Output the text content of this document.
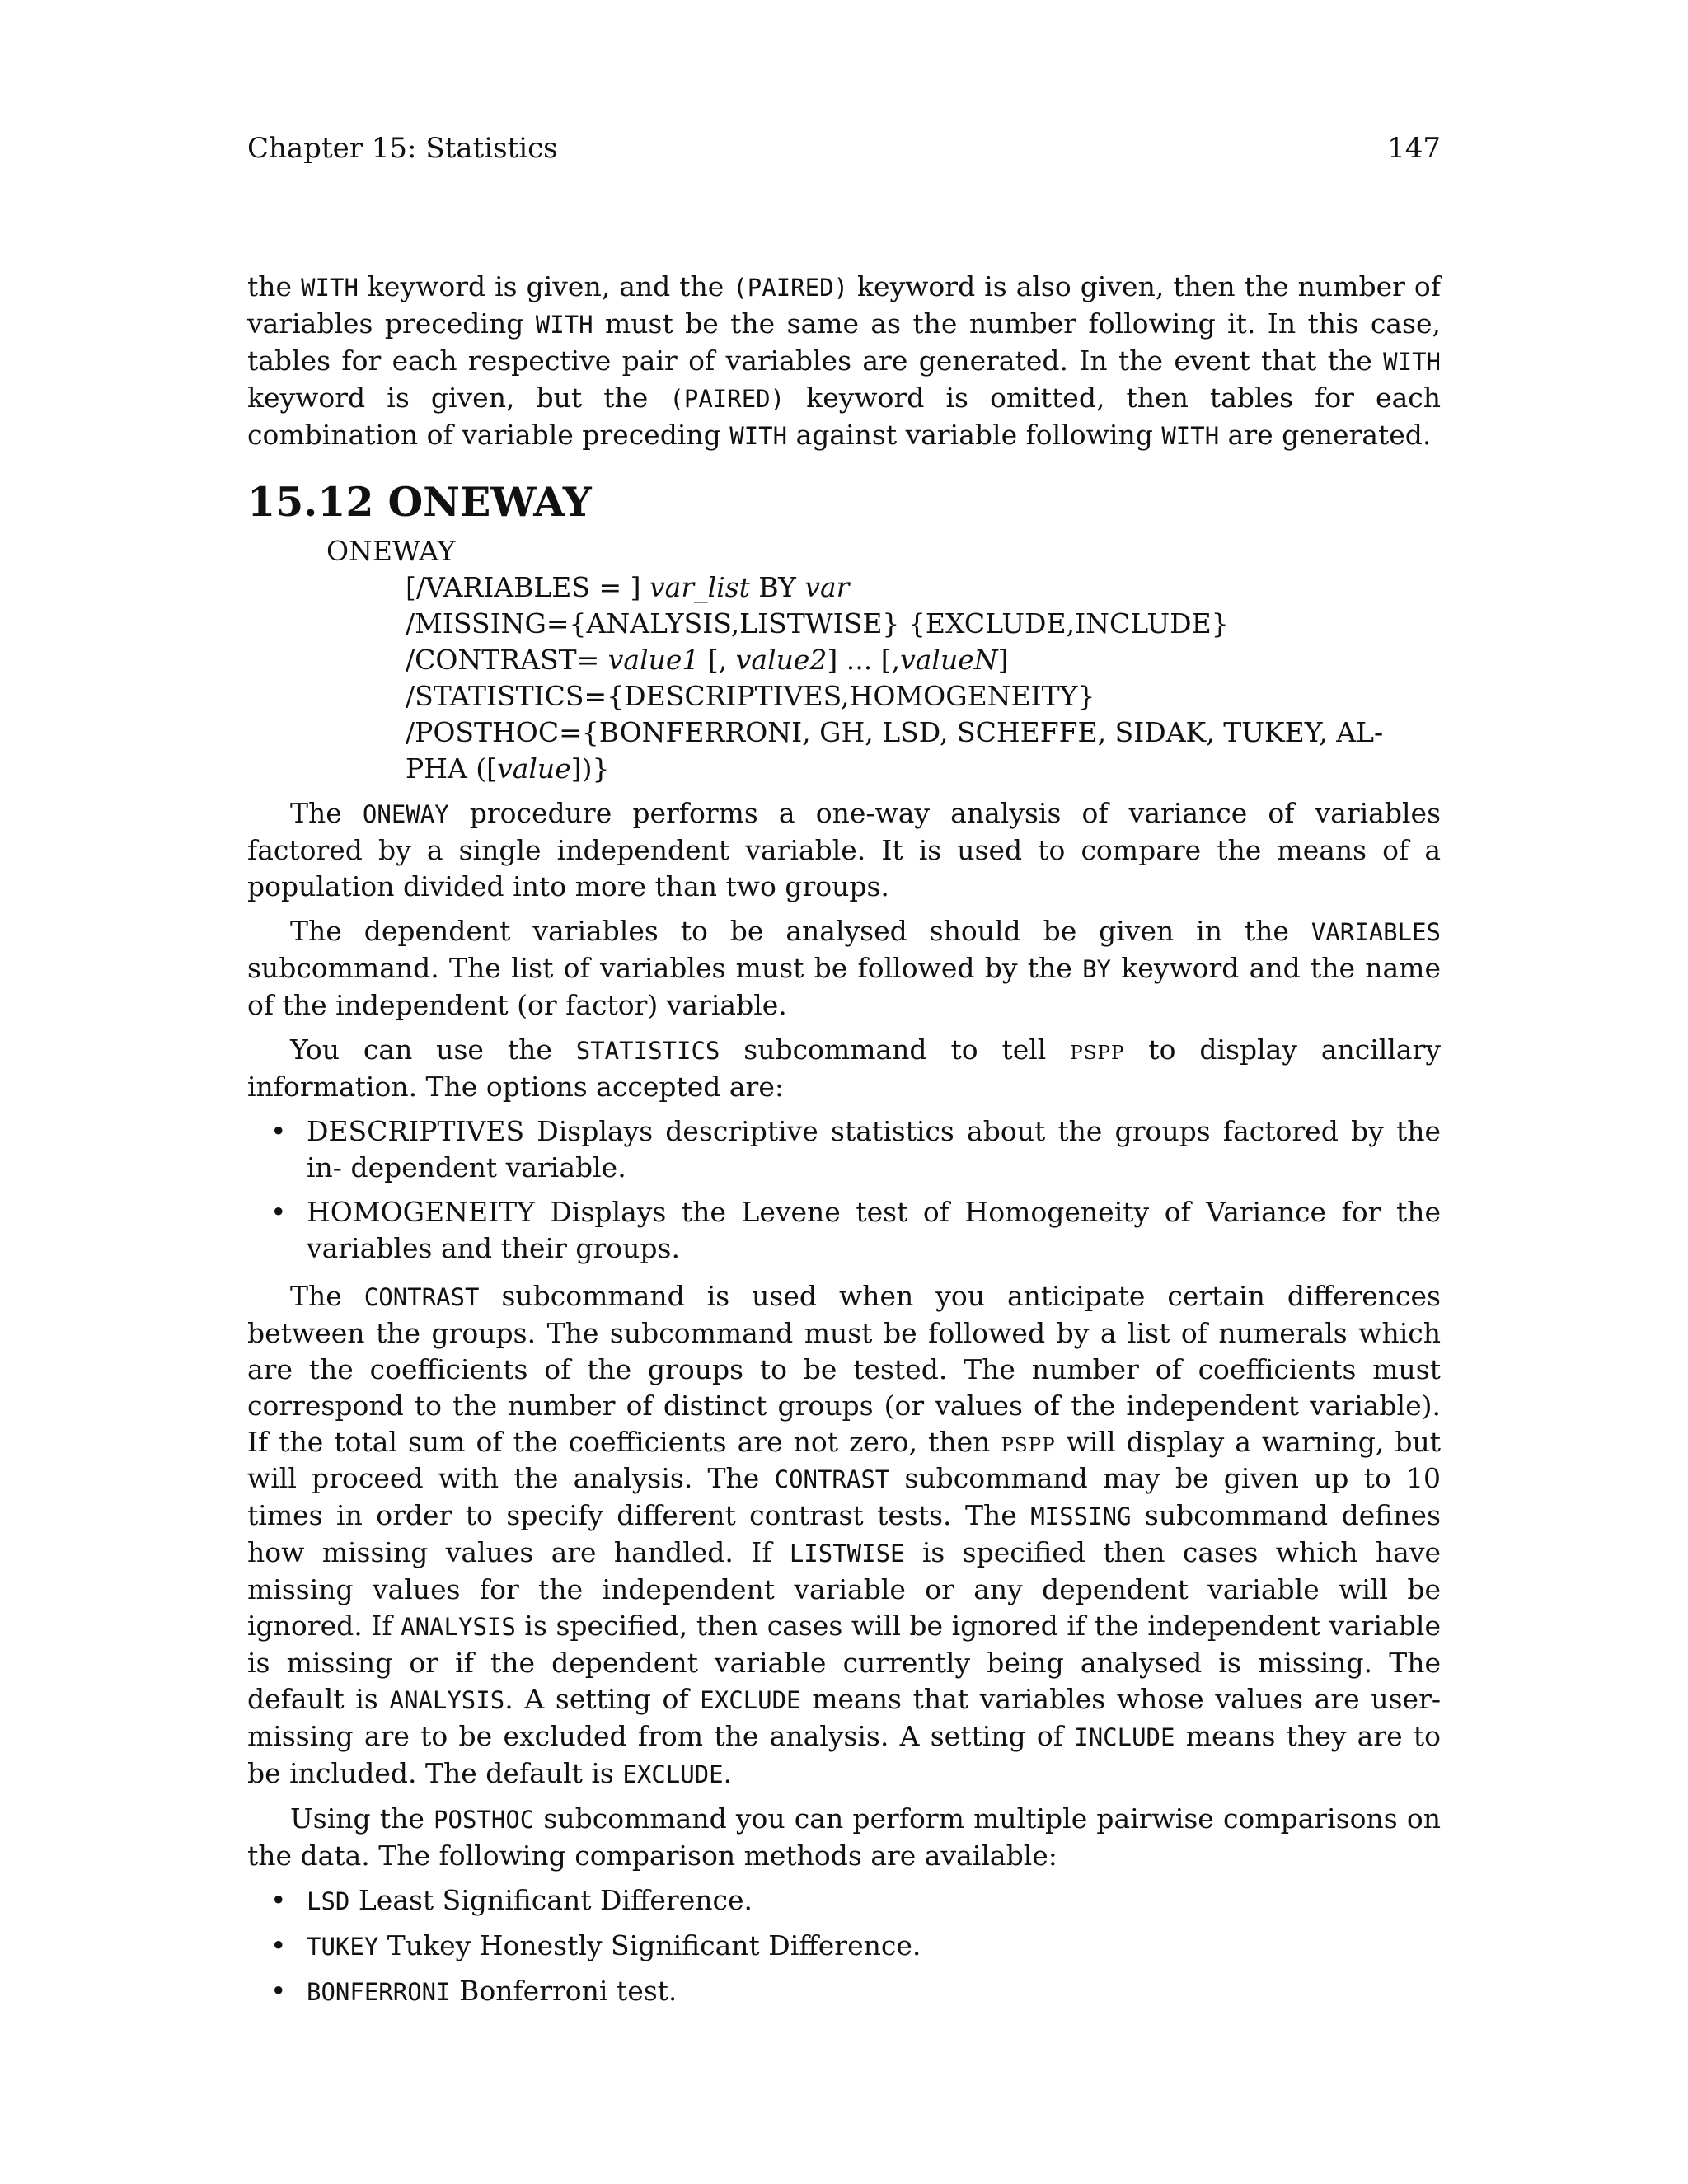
Chapter 15: Statistics	147

the WITH keyword is given, and the (PAIRED) keyword is also given, then the number of variables preceding WITH must be the same as the number following it. In this case, tables for each respective pair of variables are generated. In the event that the WITH keyword is given, but the (PAIRED) keyword is omitted, then tables for each combination of variable preceding WITH against variable following WITH are generated.

15.12 ONEWAY
ONEWAY
[/VARIABLES = ] var_list BY var
/MISSING={ANALYSIS,LISTWISE} {EXCLUDE,INCLUDE}
/CONTRAST= value1 [, value2] ... [,valueN]
/STATISTICS={DESCRIPTIVES,HOMOGENEITY}
/POSTHOC={BONFERRONI, GH, LSD, SCHEFFE, SIDAK, TUKEY, AL- PHA ([value])}

The ONEWAY procedure performs a one-way analysis of variance of variables factored by a single independent variable. It is used to compare the means of a population divided into more than two groups.

The dependent variables to be analysed should be given in the VARIABLES subcommand. The list of variables must be followed by the BY keyword and the name of the independent (or factor) variable.

You can use the STATISTICS subcommand to tell pspp to display ancillary information. The options accepted are:

• DESCRIPTIVES Displays descriptive statistics about the groups factored by the in- dependent variable.
• HOMOGENEITY Displays the Levene test of Homogeneity of Variance for the variables and their groups.

The CONTRAST subcommand is used when you anticipate certain differences between the groups. The subcommand must be followed by a list of numerals which are the coefficients of the groups to be tested. The number of coefficients must correspond to the number of distinct groups (or values of the independent variable). If the total sum of the coefficients are not zero, then pspp will display a warning, but will proceed with the analysis. The CONTRAST subcommand may be given up to 10 times in order to specify different contrast tests. The MISSING subcommand defines how missing values are handled. If LISTWISE is specified then cases which have missing values for the independent variable or any dependent variable will be ignored. If ANALYSIS is specified, then cases will be ignored if the independent variable is missing or if the dependent variable currently being analysed is missing. The default is ANALYSIS. A setting of EXCLUDE means that variables whose values are user-missing are to be excluded from the analysis. A setting of INCLUDE means they are to be included. The default is EXCLUDE.

Using the POSTHOC subcommand you can perform multiple pairwise comparisons on the data. The following comparison methods are available:

• LSD Least Significant Difference.
• TUKEY Tukey Honestly Significant Difference.
• BONFERRONI Bonferroni test.
